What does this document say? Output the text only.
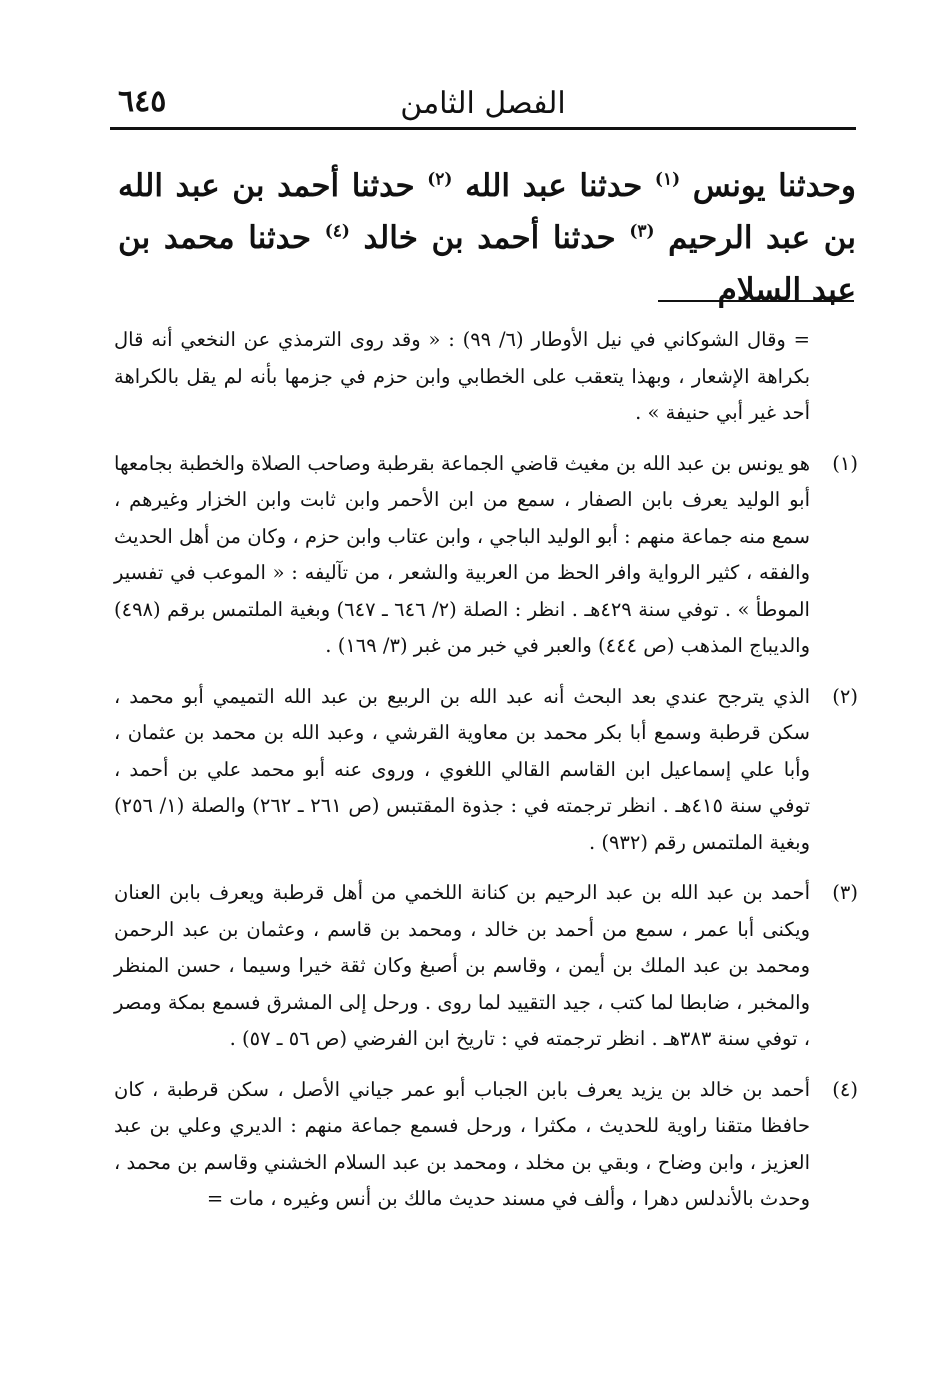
الفصل الثامن
٦٤٥
وحدثنا يونس $^{(١)}$ حدثنا عبد الله $^{(٢)}$ حدثنا أحمد بن عبد الله بن عبد الرحيم $^{(٣)}$ حدثنا أحمد بن خالد $^{(٤)}$ حدثنا محمد بن عبد السلام
= وقال الشوكاني في نيل الأوطار (٦/ ٩٩) : « وقد روى الترمذي عن النخعي أنه قال بكراهة الإشعار ، وبهذا يتعقب على الخطابي وابن حزم في جزمها بأنه لم يقل بالكراهة أحد غير أبي حنيفة » .
(١)
هو يونس بن عبد الله بن مغيث قاضي الجماعة بقرطبة وصاحب الصلاة والخطبة بجامعها أبو الوليد يعرف بابن الصفار ، سمع من ابن الأحمر وابن ثابت وابن الخزار وغيرهم ، سمع منه جماعة منهم : أبو الوليد الباجي ، وابن عتاب وابن حزم ، وكان من أهل الحديث والفقه ، كثير الرواية وافر الحظ من العربية والشعر ، من تآليفه : « الموعب في تفسير الموطأ » . توفي سنة ٤٢٩هـ . انظر : الصلة (٢/ ٦٤٦ ـ ٦٤٧) وبغية الملتمس برقم (٤٩٨) والديباج المذهب (ص ٤٤٤) والعبر في خبر من غبر (٣/ ١٦٩) .
(٢)
الذي يترجح عندي بعد البحث أنه عبد الله بن الربيع بن عبد الله التميمي أبو محمد ، سكن قرطبة وسمع أبا بكر محمد بن معاوية القرشي ، وعبد الله بن محمد بن عثمان ، وأبا علي إسماعيل ابن القاسم القالي اللغوي ، وروى عنه أبو محمد علي بن أحمد ، توفي سنة ٤١٥هـ . انظر ترجمته في : جذوة المقتبس (ص ٢٦١ ـ ٢٦٢) والصلة (١/ ٢٥٦) وبغية الملتمس رقم (٩٣٢) .
(٣)
أحمد بن عبد الله بن عبد الرحيم بن كنانة اللخمي من أهل قرطبة ويعرف بابن العنان ويكنى أبا عمر ، سمع من أحمد بن خالد ، ومحمد بن قاسم ، وعثمان بن عبد الرحمن ومحمد بن عبد الملك بن أيمن ، وقاسم بن أصبغ وكان ثقة خيرا وسيما ، حسن المنظر والمخبر ، ضابطا لما كتب ، جيد التقييد لما روى . ورحل إلى المشرق فسمع بمكة ومصر ، توفي سنة ٣٨٣هـ . انظر ترجمته في : تاريخ ابن الفرضي (ص ٥٦ ـ ٥٧) .
(٤)
أحمد بن خالد بن يزيد يعرف بابن الجباب أبو عمر جياني الأصل ، سكن قرطبة ، كان حافظا متقنا راوية للحديث ، مكثرا ، ورحل فسمع جماعة منهم : الديري وعلي بن عبد العزيز ، وابن وضاح ، وبقي بن مخلد ، ومحمد بن عبد السلام الخشني وقاسم بن محمد ، وحدث بالأندلس دهرا ، وألف في مسند حديث مالك بن أنس وغيره ، مات =
